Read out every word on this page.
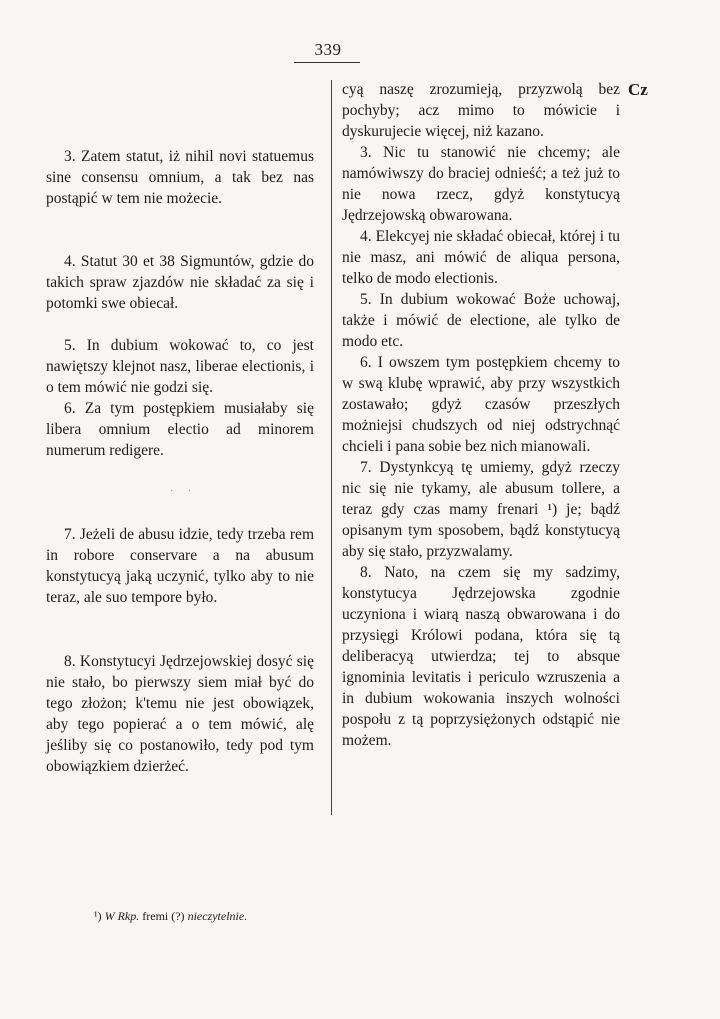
339

3. Zatem statut, iż nihil novi statuemus sine consensu omnium, a tak bez nas postąpić w tem nie możecie.

4. Statut 30 et 38 Sigmuntów, gdzie do takich spraw zjazdów nie składać za się i potomki swe obiecał.

5. In dubium wokować to, co jest nawiętszy klejnot nasz, liberae electionis, i o tem mówić nie godzi się.

6. Za tym postępkiem musiałaby się libera omnium electio ad minorem numerum redigere.

· ·

7. Jeżeli de abusu idzie, tedy trzeba rem in robore conservare a na abusum konstytucyą jaką uczynić, tylko aby to nie teraz, ale suo tempore było.

8. Konstytucyi Jędrzejowskiej dosyć się nie stało, bo pierwszy siem miał być do tego złożon; k'temu nie jest obowiązek, aby tego popierać a o tem mówić, alę jeśliby się co postanowiło, tedy pod tym obowiązkiem dzierżeć.

cyą naszę zrozumieją, przyzwolą bez pochyby; acz mimo to mówicie i dyskurujecie więcej, niż kazano.

3. Nic tu stanowić nie chcemy; ale namówiwszy do braciej odnieść; a też już to nie nowa rzecz, gdyż konstytucyą Jędrzejowską obwarowana.

4. Elekcyej nie składać obiecał, której i tu nie masz, ani mówić de aliqua persona, telko de modo electionis.

5. In dubium wokować Boże uchowaj, także i mówić de electione, ale tylko de modo etc.

6. I owszem tym postępkiem chcemy to w swą klubę wprawić, aby przy wszystkich zostawało; gdyż czasów przeszłych możniejsi chudszych od niej odstrychnąć chcieli i pana sobie bez nich mianowali.

7. Dystynkcyą tę umiemy, gdyż rzeczy nic się nie tykamy, ale abusum tollere, a teraz gdy czas mamy frenari ¹) je; bądź opisanym tym sposobem, bądź konstytucyą aby się stało, przyzwalamy.

8. Nato, na czem się my sadzimy, konstytucya Jędrzejowska zgodnie uczyniona i wiarą naszą obwarowana i do przysięgi Królowi podana, która się tą deliberacyą utwierdza; tej to absque ignominia levitatis i periculo wzruszenia a in dubium wokowania inszych wolności pospołu z tą poprzysiężonych odstąpić nie możem.

Cz
¹) W Rkp. fremi (?) nieczytelnie.
